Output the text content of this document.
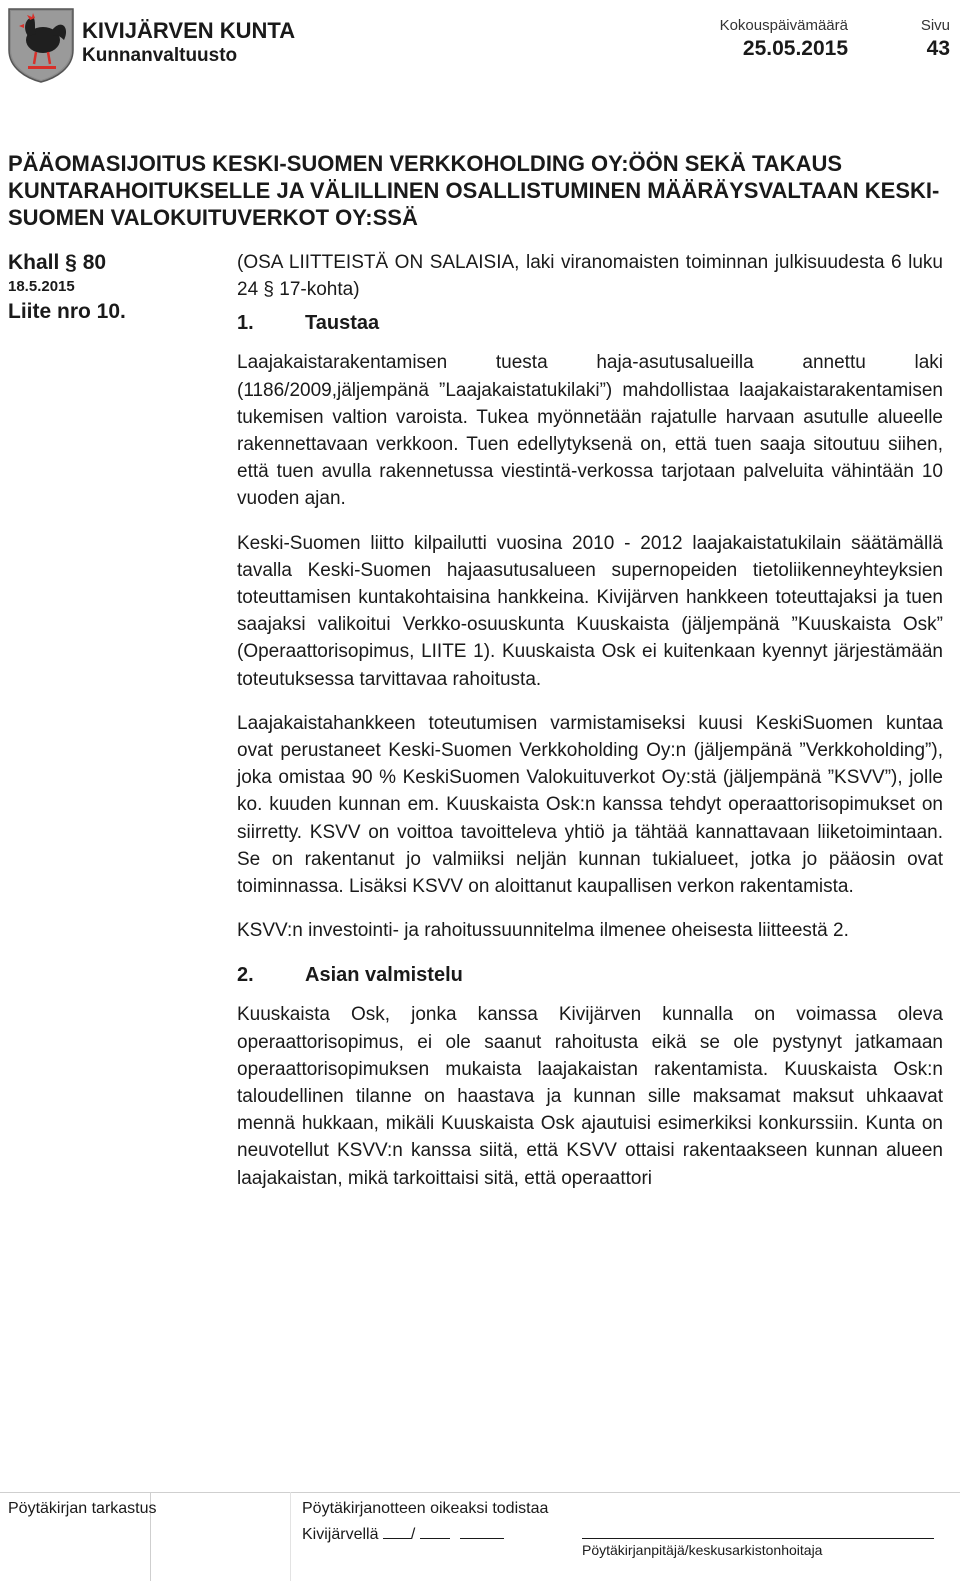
KIVIJÄRVEN KUNTA
Kunnanvaltuusto
Kokouspäivämäärä
25.05.2015
Sivu
43
PÄÄOMASIJOITUS KESKI-SUOMEN VERKKOHOLDING OY:ÖÖN SEKÄ TAKAUS KUNTARAHOITUKSELLE JA VÄLILLINEN OSALLISTUMINEN MÄÄRÄYSVALTAAN KESKI-SUOMEN VALOKUITUVERKOT OY:SSÄ
Khall § 80
18.5.2015
Liite nro 10.

(OSA LIITTEISTÄ ON SALAISIA, laki viranomaisten toiminnan julkisuudesta 6 luku 24 § 17-kohta)

1.	Taustaa

Laajakaistarakentamisen tuesta haja-asutusalueilla annettu laki (1186/2009,jäljempänä ”Laajakaistatukilaki”) mahdollistaa laajakaistarakentamisen tukemisen valtion varoista. Tukea myönnetään rajatulle harvaan asutulle alueelle rakennettavaan verkkoon. Tuen edellytyksenä on, että tuen saaja sitoutuu siihen, että tuen avulla rakennetussa viestintä-verkossa tarjotaan palveluita vähintään 10 vuoden ajan.

Keski-Suomen liitto kilpailutti vuosina 2010 - 2012 laajakaistatukilain säätämällä tavalla Keski-Suomen hajaasutusalueen supernopeiden tietoliikenneyhteyksien toteuttamisen kuntakohtaisina hankkeina. Kivijärven hankkeen toteuttajaksi ja tuen saajaksi valikoitui Verkko-osuuskunta Kuuskaista (jäljempänä ”Kuuskaista Osk” (Operaattorisopimus, LIITE 1). Kuuskaista Osk ei kuitenkaan kyennyt järjestämään toteutuksessa tarvittavaa rahoitusta.

Laajakaistahankkeen toteutumisen varmistamiseksi kuusi KeskiSuomen kuntaa ovat perustaneet Keski-Suomen Verkkoholding Oy:n (jäljempänä ”Verkkoholding”), joka omistaa 90 % KeskiSuomen Valokuituverkot Oy:stä (jäljempänä ”KSVV”), jolle ko. kuuden kunnan em. Kuuskaista Osk:n kanssa tehdyt operaattorisopimukset on siirretty. KSVV on voittoa tavoitteleva yhtiö ja tähtää kannattavaan liiketoimintaan. Se on rakentanut jo valmiiksi neljän kunnan tukialueet, jotka jo pääosin ovat toiminnassa. Lisäksi KSVV on aloittanut kaupallisen verkon rakentamista.

KSVV:n investointi- ja rahoitussuunnitelma ilmenee oheisesta liitteestä 2.

2.	Asian valmistelu

Kuuskaista Osk, jonka kanssa Kivijärven kunnalla on voimassa oleva operaattorisopimus, ei ole saanut rahoitusta eikä se ole pystynyt jatkamaan operaattorisopimuksen mukaista laajakaistan rakentamista. Kuuskaista Osk:n taloudellinen tilanne on haastava ja kunnan sille maksamat maksut uhkaavat mennä hukkaan, mikäli Kuuskaista Osk ajautuisi esimerkiksi konkurssiin. Kunta on neuvotellut KSVV:n kanssa siitä, että KSVV ottaisi rakentaakseen kunnan alueen laajakaistan, mikä tarkoittaisi sitä, että operaattori

Pöytäkirjan tarkastus	Pöytäkirjanotteen oikeaksi todistaa
Kivijärvellä /
Pöytäkirjanpitäjä/keskusarkistonhoitaja
